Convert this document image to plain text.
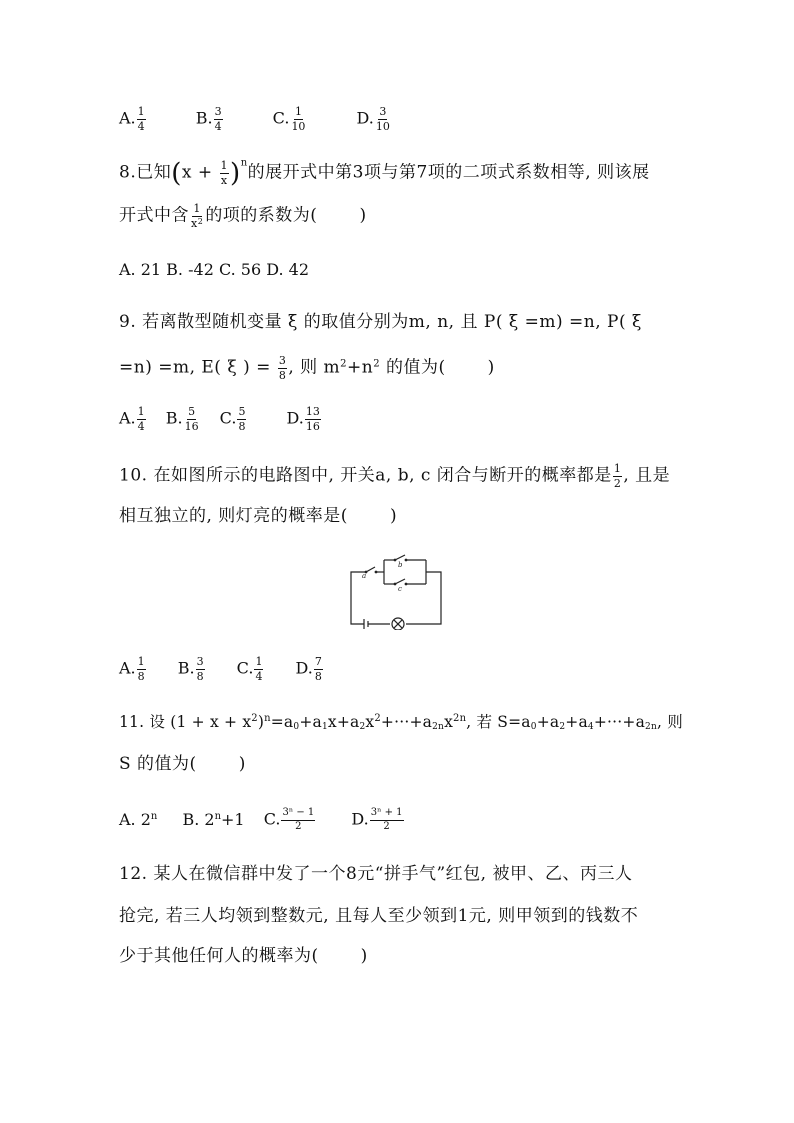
A. $\frac{1}{4}$	B. $\frac{3}{4}$	C. $\frac{1}{10}$	D. $\frac{3}{10}$
8.已知$(x + \frac{1}{x} )^n$的展开式中第3项与第7项的二项式系数相等, 则该展
开式中含 $\frac{1}{x^2}$ 的项的系数为( )
A. 21 B. -42 C. 56 D. 42
9. 若离散型随机变量 ξ 的取值分别为m, n, 且 P( ξ =m) =n, P( ξ
=n) =m, E( ξ ) = $\frac{3}{8}$ , 则 $m^2+n^2$ 的值为( )
A. $\frac{1}{4} B$. $\frac{5}{16} C$. $\frac{5}{8}$	D. $\frac{13}{16}$
10. 在如图所示的电路图中, 开关a, b, c 闭合与断开的概率都是 $\frac{1}{2}$ , 且是
相互独立的, 则灯亮的概率是( )
a
b
c
A. $\frac{1}{8} B$. $\frac{3}{8} C$. $\frac{1}{4} D$. $\frac{7}{8}$
11. 设 $(1 + x + x^2)^n=a_0+a_1x+a_2x^2+\cdot\cdot\cdot+a_{2n}x^{2n}$, 若 $S=a_0+a_2+a_4+\cdot\cdot\cdot+a_{2n}$, 则
S 的值为( )
A. 2$^n$ B. $2^n+1$ C. $\frac{\text{3ⁿ − 1}}{2} D$. $\frac{\text{3ⁿ + 1}}{2}$
12. 某人在微信群中发了一个8元“拼手气”红包, 被甲、乙、丙三人
抢完, 若三人均领到整数元, 且每人至少领到1元, 则甲领到的钱数不
少于其他任何人的概率为( )
